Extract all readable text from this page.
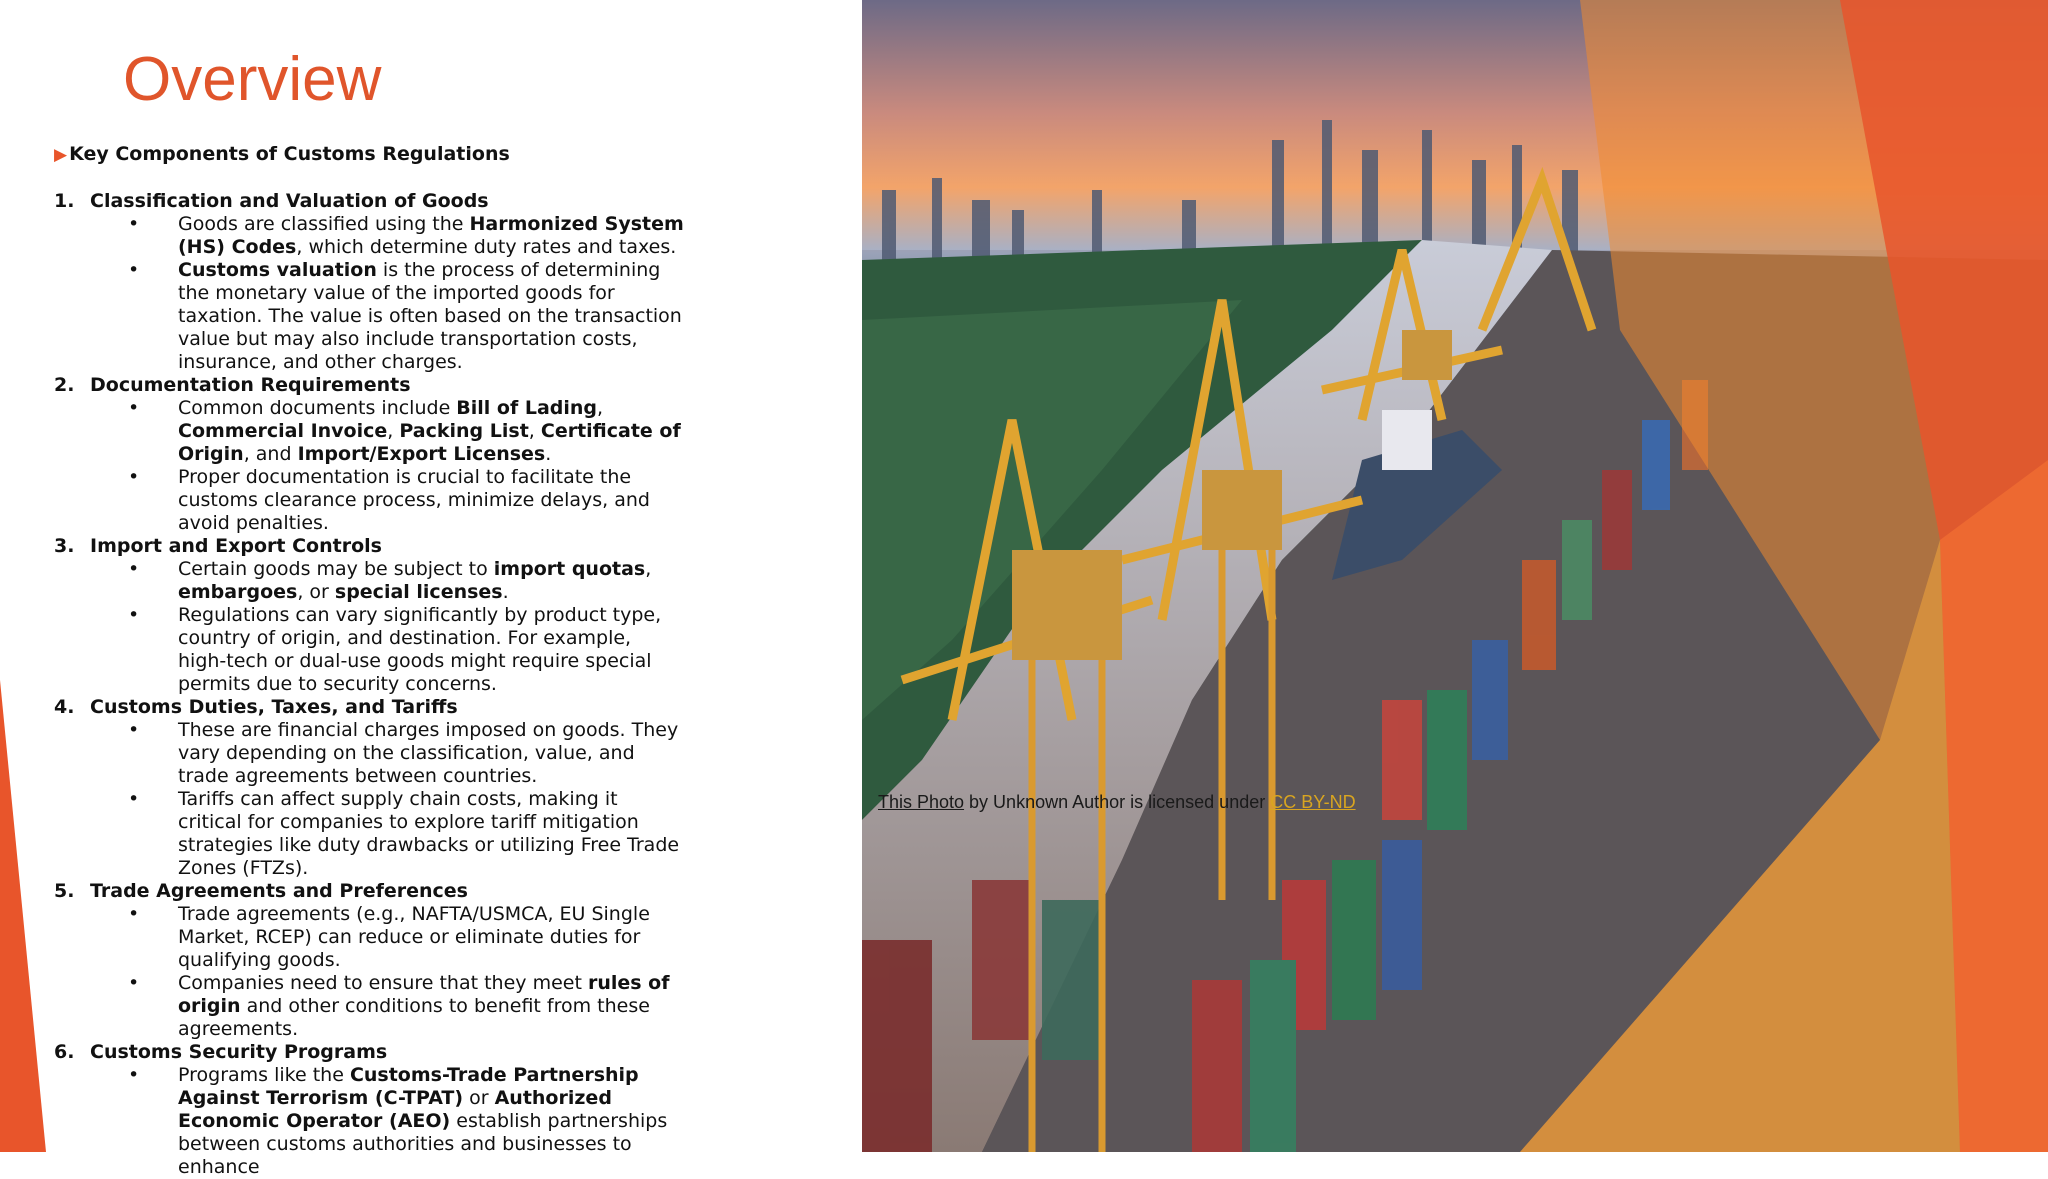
Overview
▶ Key Components of Customs Regulations
1. Classification and Valuation of Goods
• Goods are classified using the Harmonized System (HS) Codes, which determine duty rates and taxes.
• Customs valuation is the process of determining the monetary value of the imported goods for taxation. The value is often based on the transaction value but may also include transportation costs, insurance, and other charges.
2. Documentation Requirements
• Common documents include Bill of Lading, Commercial Invoice, Packing List, Certificate of Origin, and Import/Export Licenses.
• Proper documentation is crucial to facilitate the customs clearance process, minimize delays, and avoid penalties.
3. Import and Export Controls
• Certain goods may be subject to import quotas, embargoes, or special licenses.
• Regulations can vary significantly by product type, country of origin, and destination. For example, high-tech or dual-use goods might require special permits due to security concerns.
4. Customs Duties, Taxes, and Tariffs
• These are financial charges imposed on goods. They vary depending on the classification, value, and trade agreements between countries.
• Tariffs can affect supply chain costs, making it critical for companies to explore tariff mitigation strategies like duty drawbacks or utilizing Free Trade Zones (FTZs).
5. Trade Agreements and Preferences
• Trade agreements (e.g., NAFTA/USMCA, EU Single Market, RCEP) can reduce or eliminate duties for qualifying goods.
• Companies need to ensure that they meet rules of origin and other conditions to benefit from these agreements.
6. Customs Security Programs
• Programs like the Customs-Trade Partnership Against Terrorism (C-TPAT) or Authorized Economic Operator (AEO) establish partnerships between customs authorities and businesses to enhance
This Photo by Unknown Author is licensed under CC BY-ND
